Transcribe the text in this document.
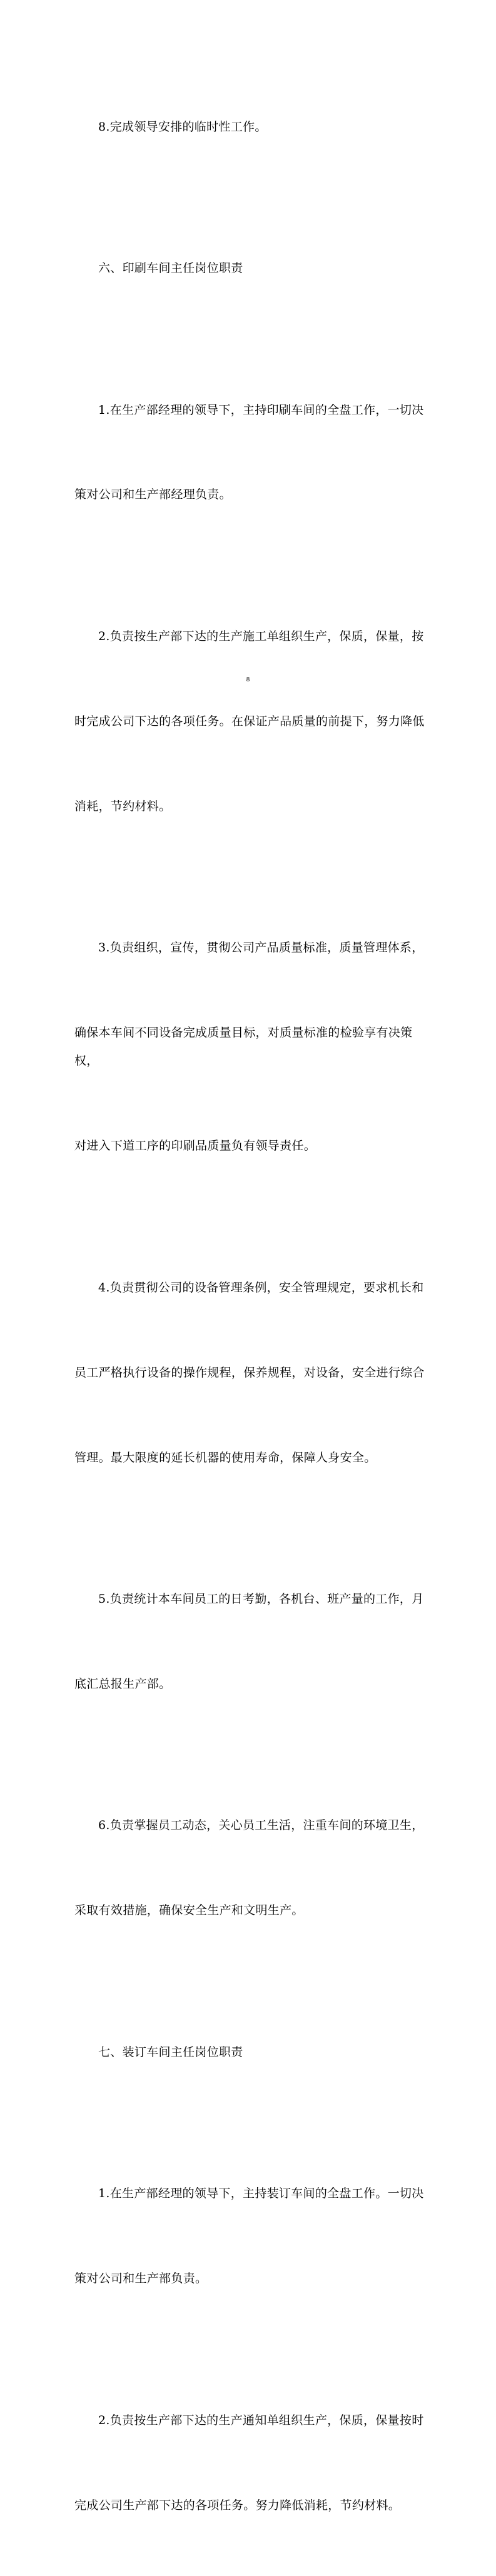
8.完成领导安排的临时性工作。

六、印刷车间主任岗位职责

1.在生产部经理的领导下，主持印刷车间的全盘工作，一切决

策对公司和生产部经理负责。

2.负责按生产部下达的生产施工单组织生产，保质，保量，按

时完成公司下达的各项任务。在保证产品质量的前提下，努力降低

消耗，节约材料。

3.负责组织，宣传，贯彻公司产品质量标准，质量管理体系，

确保本车间不同设备完成质量目标，对质量标准的检验享有决策权，

对进入下道工序的印刷品质量负有领导责任。

4.负责贯彻公司的设备管理条例，安全管理规定，要求机长和

员工严格执行设备的操作规程，保养规程，对设备，安全进行综合

管理。最大限度的延长机器的使用寿命，保障人身安全。

5.负责统计本车间员工的日考勤，各机台、班产量的工作，月

底汇总报生产部。

6.负责掌握员工动态，关心员工生活，注重车间的环境卫生，

采取有效措施，确保安全生产和文明生产。

七、装订车间主任岗位职责

1.在生产部经理的领导下，主持装订车间的全盘工作。一切决

策对公司和生产部负责。

2.负责按生产部下达的生产通知单组织生产，保质，保量按时

完成公司生产部下达的各项任务。努力降低消耗，节约材料。

8
